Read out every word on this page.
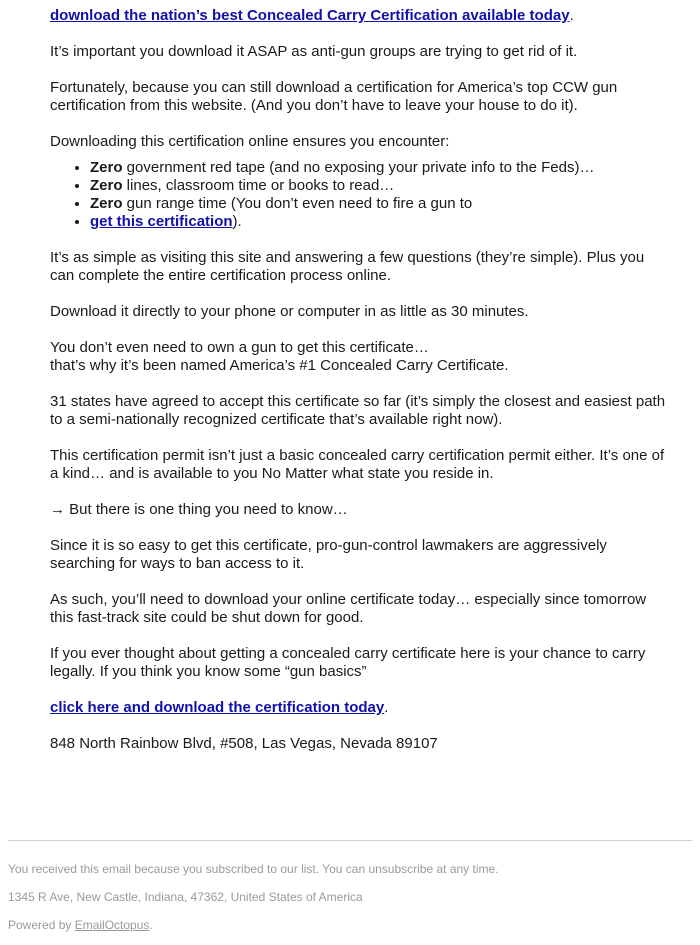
download the nation’s best Concealed Carry Certification available today.

It’s important you download it ASAP as anti-gun groups are trying to get rid of it.

Fortunately, because you can still download a certification for America’s top CCW gun certification from this website. (And you don’t have to leave your house to do it).

Downloading this certification online ensures you encounter:

• Zero government red tape (and no exposing your private info to the Feds)…
• Zero lines, classroom time or books to read…
• Zero gun range time (You don’t even need to fire a gun to
• get this certification).

It’s as simple as visiting this site and answering a few questions (they’re simple). Plus you can complete the entire certification process online.

Download it directly to your phone or computer in as little as 30 minutes.

You don’t even need to own a gun to get this certificate…
that’s why it’s been named America’s #1 Concealed Carry Certificate.

31 states have agreed to accept this certificate so far (it’s simply the closest and easiest path to a semi-nationally recognized certificate that’s available right now).

This certification permit isn’t just a basic concealed carry certification permit either. It’s one of a kind… and is available to you No Matter what state you reside in.

→ But there is one thing you need to know…

Since it is so easy to get this certificate, pro-gun-control lawmakers are aggressively searching for ways to ban access to it.

As such, you’ll need to download your online certificate today… especially since tomorrow this fast-track site could be shut down for good.

If you ever thought about getting a concealed carry certificate here is your chance to carry legally. If you think you know some “gun basics”

click here and download the certification today.

848 North Rainbow Blvd, #508, Las Vegas, Nevada 89107

You received this email because you subscribed to our list. You can unsubscribe at any time.

1345 R Ave, New Castle, Indiana, 47362, United States of America

Powered by EmailOctopus.
